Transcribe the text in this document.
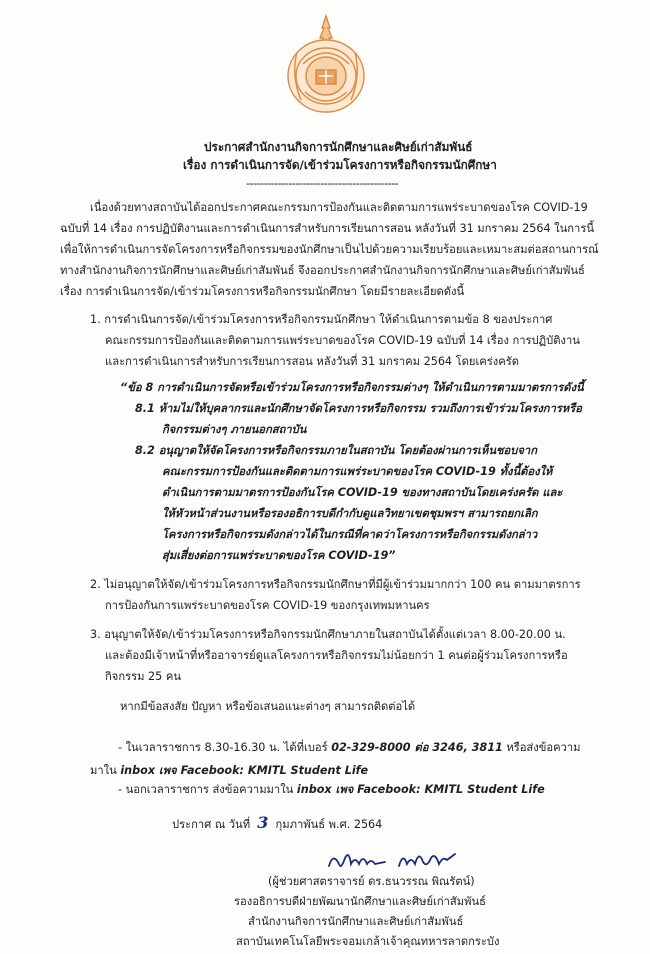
ประกาศสำนักงานกิจการนักศึกษาและศิษย์เก่าสัมพันธ์
เรื่อง การดำเนินการจัด/เข้าร่วมโครงการหรือกิจกรรมนักศึกษา
-------------------------------------------
เนื่องด้วยทางสถาบันได้ออกประกาศคณะกรรมการป้องกันและติดตามการแพร่ระบาดของโรค COVID-19
ฉบับที่ 14 เรื่อง การปฏิบัติงานและการดำเนินการสำหรับการเรียนการสอน หลังวันที่ 31 มกราคม 2564 ในการนี้
เพื่อให้การดำเนินการจัดโครงการหรือกิจกรรมของนักศึกษาเป็นไปด้วยความเรียบร้อยและเหมาะสมต่อสถานการณ์
ทางสำนักงานกิจการนักศึกษาและศิษย์เก่าสัมพันธ์ จึงออกประกาศสำนักงานกิจการนักศึกษาและศิษย์เก่าสัมพันธ์
เรื่อง การดำเนินการจัด/เข้าร่วมโครงการหรือกิจกรรมนักศึกษา โดยมีรายละเอียดดังนี้
1. การดำเนินการจัด/เข้าร่วมโครงการหรือกิจกรรมนักศึกษา ให้ดำเนินการตามข้อ 8 ของประกาศ
คณะกรรมการป้องกันและติดตามการแพร่ระบาดของโรค COVID-19 ฉบับที่ 14 เรื่อง การปฏิบัติงาน
และการดำเนินการสำหรับการเรียนการสอน หลังวันที่ 31 มกราคม 2564 โดยเคร่งครัด
“ข้อ 8 การดำเนินการจัดหรือเข้าร่วมโครงการหรือกิจกรรมต่างๆ ให้ดำเนินการตามมาตรการดังนี้
8.1 ห้ามไม่ให้บุคลากรและนักศึกษาจัดโครงการหรือกิจกรรม รวมถึงการเข้าร่วมโครงการหรือ
กิจกรรมต่างๆ ภายนอกสถาบัน
8.2 อนุญาตให้จัดโครงการหรือกิจกรรมภายในสถาบัน โดยต้องผ่านการเห็นชอบจาก
คณะกรรมการป้องกันและติดตามการแพร่ระบาดของโรค COVID-19 ทั้งนี้ต้องให้
ดำเนินการตามมาตรการป้องกันโรค COVID-19 ของทางสถาบันโดยเคร่งครัด และ
ให้หัวหน้าส่วนงานหรือรองอธิการบดีกำกับดูแลวิทยาเขตชุมพรฯ สามารถยกเลิก
โครงการหรือกิจกรรมดังกล่าวได้ในกรณีที่คาดว่าโครงการหรือกิจกรรมดังกล่าว
สุ่มเสี่ยงต่อการแพร่ระบาดของโรค COVID-19”
2. ไม่อนุญาตให้จัด/เข้าร่วมโครงการหรือกิจกรรมนักศึกษาที่มีผู้เข้าร่วมมากกว่า 100 คน ตามมาตรการ
การป้องกันการแพร่ระบาดของโรค COVID-19 ของกรุงเทพมหานคร
3. อนุญาตให้จัด/เข้าร่วมโครงการหรือกิจกรรมนักศึกษาภายในสถาบันได้ตั้งแต่เวลา 8.00-20.00 น.
และต้องมีเจ้าหน้าที่หรืออาจารย์ดูแลโครงการหรือกิจกรรมไม่น้อยกว่า 1 คนต่อผู้ร่วมโครงการหรือ
กิจกรรม 25 คน
หากมีข้อสงสัย ปัญหา หรือข้อเสนอแนะต่างๆ สามารถติดต่อได้
- ในเวลาราชการ 8.30-16.30 น. ได้ที่เบอร์ 02-329-8000 ต่อ 3246, 3811 หรือส่งข้อความ
มาใน inbox เพจ Facebook: KMITL Student Life
- นอกเวลาราชการ ส่งข้อความมาใน inbox เพจ Facebook: KMITL Student Life
ประกาศ ณ วันที่ 3 กุมภาพันธ์ พ.ศ. 2564
(ผู้ช่วยศาสตราจารย์ ดร.ธนวรรณ พิณรัตน์)
รองอธิการบดีฝ่ายพัฒนานักศึกษาและศิษย์เก่าสัมพันธ์
สำนักงานกิจการนักศึกษาและศิษย์เก่าสัมพันธ์
สถาบันเทคโนโลยีพระจอมเกล้าเจ้าคุณทหารลาดกระบัง
